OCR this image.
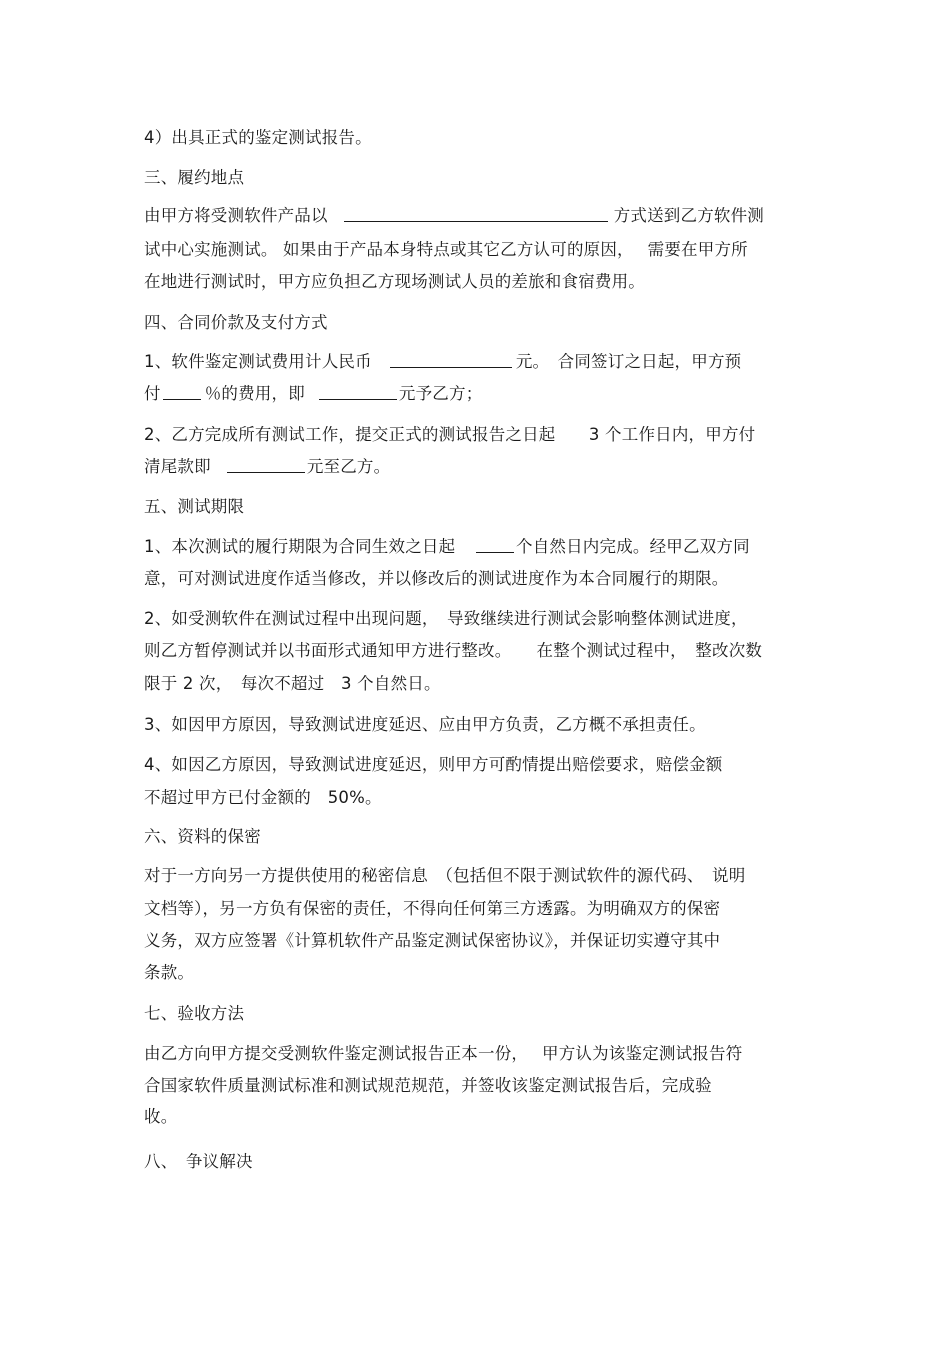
4）出具正式的鉴定测试报告。
三、履约地点
由甲方将受测软件产品以	方式送到乙方软件测
试中心实施测试。 如果由于产品本身特点或其它乙方认可的原因，　 需要在甲方所
在地进行测试时，甲方应负担乙方现场测试人员的差旅和食宿费用。
四、合同价款及支付方式
1、软件鉴定测试费用计人民币	元。　合同签订之日起，甲方预
付	％的费用，即	元予乙方；
2、乙方完成所有测试工作，提交正式的测试报告之日起　　3 个工作日内，甲方付
清尾款即	元至乙方。
五、测试期限
1、本次测试的履行期限为合同生效之日起　	个自然日内完成。经甲乙双方同
意，可对测试进度作适当修改，并以修改后的测试进度作为本合同履行的期限。
2、如受测软件在测试过程中出现问题，　导致继续进行测试会影响整体测试进度，
则乙方暂停测试并以书面形式通知甲方进行整改。　　在整个测试过程中，　整改次数
限于 2 次，　每次不超过　3 个自然日。
3、如因甲方原因，导致测试进度延迟、应由甲方负责，乙方概不承担责任。
4、如因乙方原因，导致测试进度延迟，则甲方可酌情提出赔偿要求，赔偿金额
不超过甲方已付金额的　50%。
六、资料的保密
对于一方向另一方提供使用的秘密信息　（包括但不限于测试软件的源代码、　说明
文档等），另一方负有保密的责任，不得向任何第三方透露。为明确双方的保密
义务，双方应签署《计算机软件产品鉴定测试保密协议》，并保证切实遵守其中
条款。
七、验收方法
由乙方向甲方提交受测软件鉴定测试报告正本一份，　 甲方认为该鉴定测试报告符
合国家软件质量测试标准和测试规范规范，并签收该鉴定测试报告后，完成验
收。
八、　争议解决
